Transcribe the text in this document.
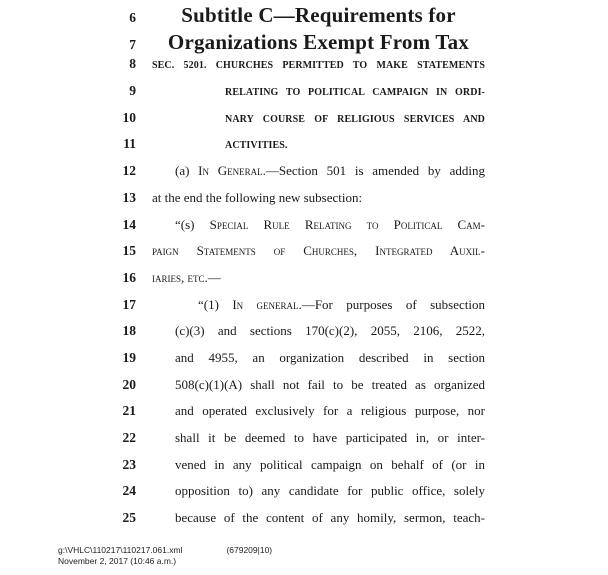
6	Subtitle C—Requirements for
7	Organizations Exempt From Tax
8	SEC. 5201. CHURCHES PERMITTED TO MAKE STATEMENTS
9	RELATING TO POLITICAL CAMPAIGN IN ORDI-
10	NARY COURSE OF RELIGIOUS SERVICES AND
11	ACTIVITIES.
12	(a) In General.—Section 501 is amended by adding
13	at the end the following new subsection:
14	“(s) Special Rule Relating to Political Cam-
15	paign Statements of Churches, Integrated Auxil-
16	iaries, etc.—
17	“(1) In general.—For purposes of subsection
18	(c)(3) and sections 170(c)(2), 2055, 2106, 2522,
19	and 4955, an organization described in section
20	508(c)(1)(A) shall not fail to be treated as organized
21	and operated exclusively for a religious purpose, nor
22	shall it be deemed to have participated in, or inter-
23	vened in any political campaign on behalf of (or in
24	opposition to) any candidate for public office, solely
25	because of the content of any homily, sermon, teach-
g:\VHLC\110217\110217.061.xml	(679209|10)
November 2, 2017 (10:46 a.m.)
